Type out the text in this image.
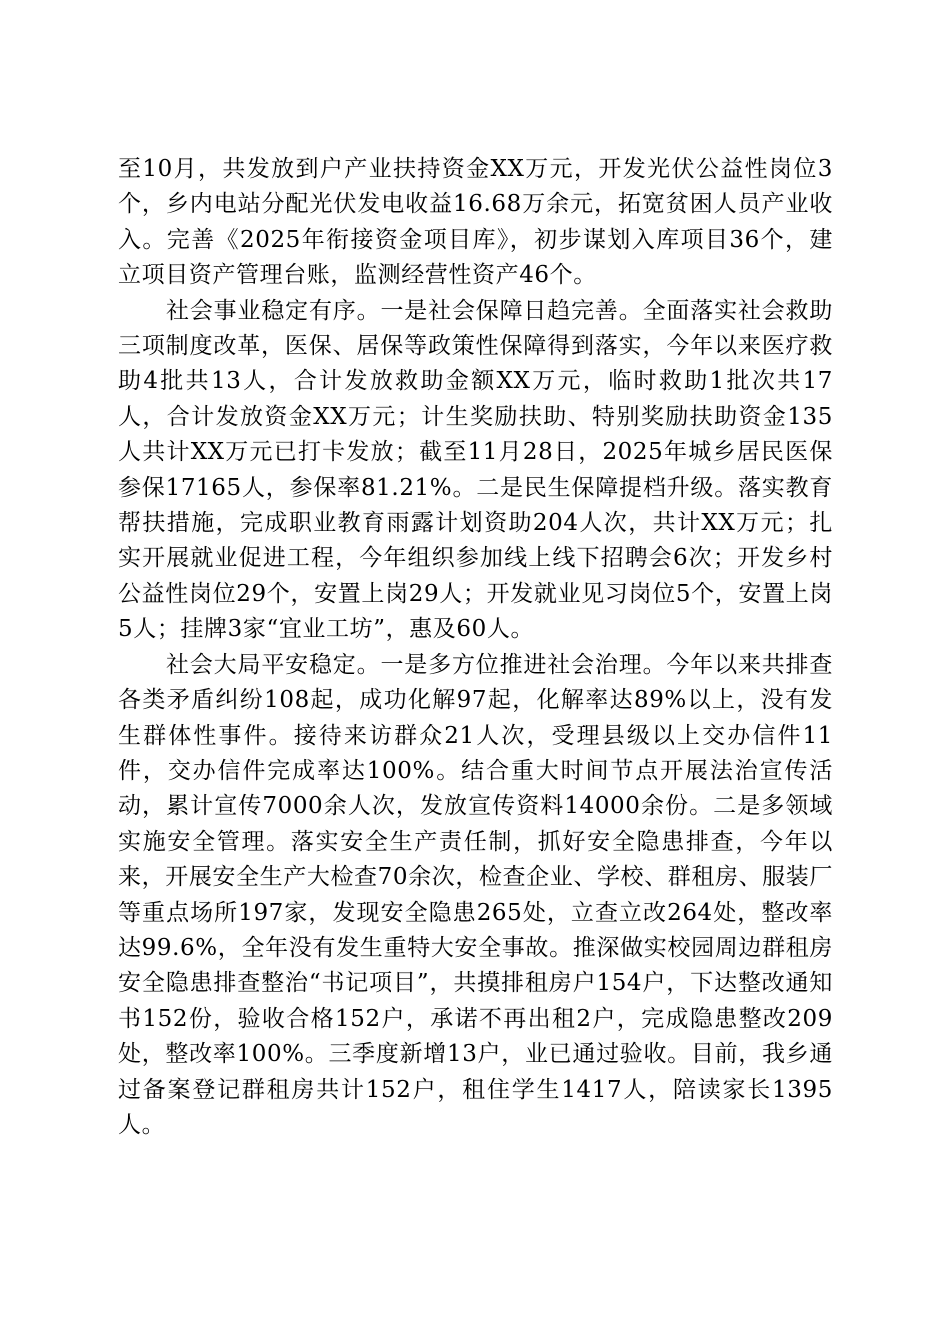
至10月，共发放到户产业扶持资金XX万元，开发光伏公益性岗位3个，乡内电站分配光伏发电收益16.68万余元，拓宽贫困人员产业收入。完善《2025年衔接资金项目库》，初步谋划入库项目36个，建立项目资产管理台账，监测经营性资产46个。

社会事业稳定有序。一是社会保障日趋完善。全面落实社会救助三项制度改革，医保、居保等政策性保障得到落实，今年以来医疗救助4批共13人，合计发放救助金额XX万元，临时救助1批次共17人，合计发放资金XX万元；计生奖励扶助、特别奖励扶助资金135人共计XX万元已打卡发放；截至11月28日，2025年城乡居民医保参保17165人，参保率81.21%。二是民生保障提档升级。落实教育帮扶措施，完成职业教育雨露计划资助204人次，共计XX万元；扎实开展就业促进工程，今年组织参加线上线下招聘会6次；开发乡村公益性岗位29个，安置上岗29人；开发就业见习岗位5个，安置上岗5人；挂牌3家“宜业工坊”，惠及60人。

社会大局平安稳定。一是多方位推进社会治理。今年以来共排查各类矛盾纠纷108起，成功化解97起，化解率达89%以上，没有发生群体性事件。接待来访群众21人次，受理县级以上交办信件11件，交办信件完成率达100%。结合重大时间节点开展法治宣传活动，累计宣传7000余人次，发放宣传资料14000余份。二是多领域实施安全管理。落实安全生产责任制，抓好安全隐患排查，今年以来，开展安全生产大检查70余次，检查企业、学校、群租房、服装厂等重点场所197家，发现安全隐患265处，立查立改264处，整改率达99.6%，全年没有发生重特大安全事故。推深做实校园周边群租房安全隐患排查整治“书记项目”，共摸排租房户154户，下达整改通知书152份，验收合格152户，承诺不再出租2户，完成隐患整改209处，整改率100%。三季度新增13户，业已通过验收。目前，我乡通过备案登记群租房共计152户，租住学生1417人，陪读家长1395人。
